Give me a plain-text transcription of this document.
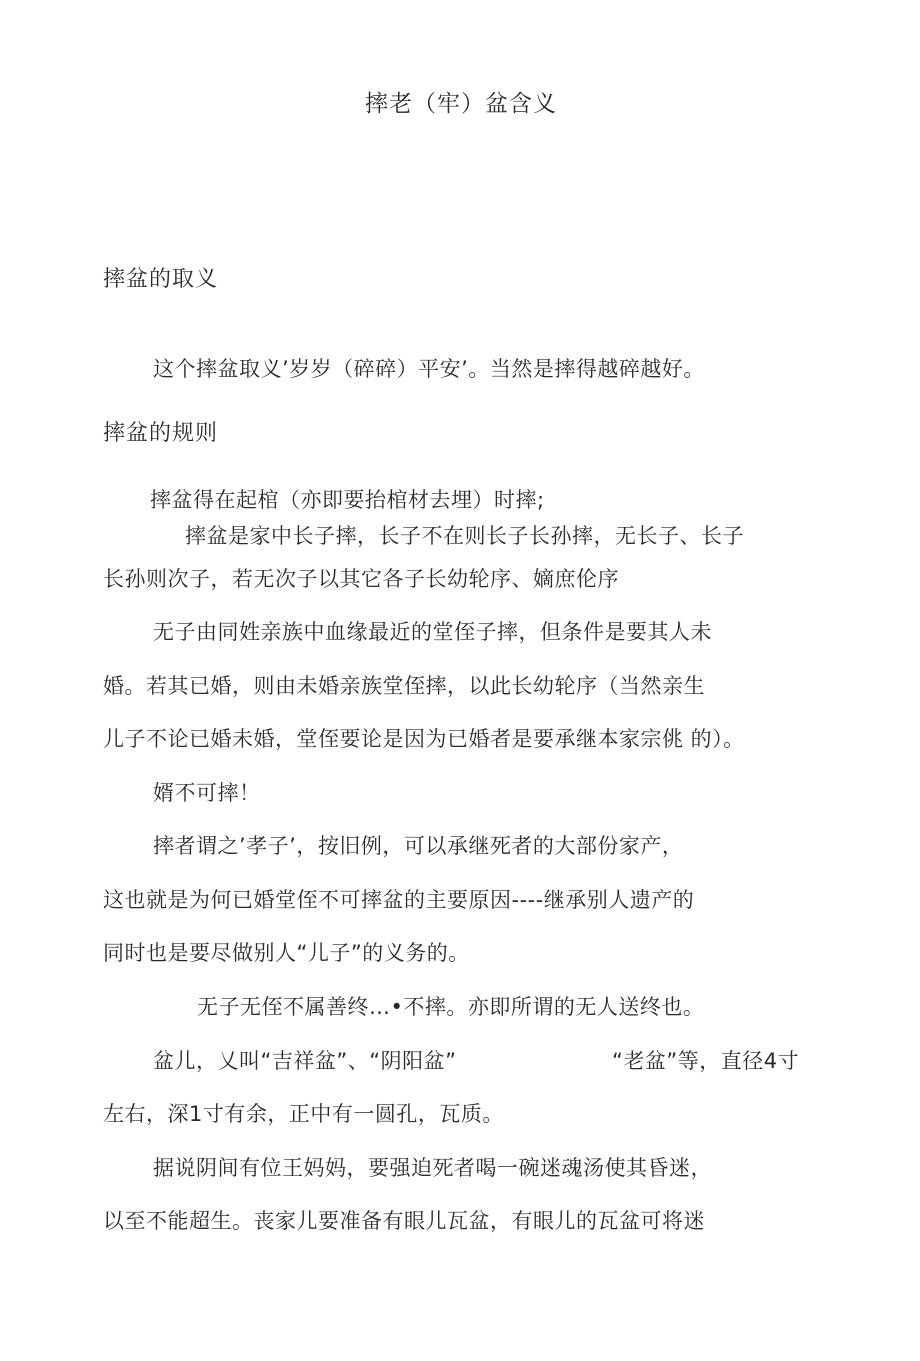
摔老（牢）盆含义
摔盆的取义
这个摔盆取义’岁岁（碎碎）平安’。当然是摔得越碎越好。
摔盆的规则
摔盆得在起棺（亦即要抬棺材去埋）时摔;
摔盆是家中长子摔，长子不在则长子长孙摔，无长子、长子
长孙则次子，若无次子以其它各子长幼轮序、嫡庶伦序
无子由同姓亲族中血缘最近的堂侄子摔，但条件是要其人未
婚。若其已婚，则由未婚亲族堂侄摔，以此长幼轮序（当然亲生
儿子不论已婚未婚，堂侄要论是因为已婚者是要承继本家宗佻 的）。
婿不可摔！
摔者谓之’孝子’，按旧例，可以承继死者的大部份家产，
这也就是为何已婚堂侄不可摔盆的主要原因----继承别人遗产的
同时也是要尽做别人“儿子”的义务的。
无子无侄不属善终…•不摔。亦即所谓的无人送终也。
盆儿，乂叫“吉祥盆”、“阴阳盆”	“老盆”等，直径4寸
左右，深1寸有余，正中有一圆孔，瓦质。
据说阴间有位王妈妈，要强迫死者喝一碗迷魂汤使其昏迷，
以至不能超生。丧家儿要准备有眼儿瓦盆，有眼儿的瓦盆可将迷
